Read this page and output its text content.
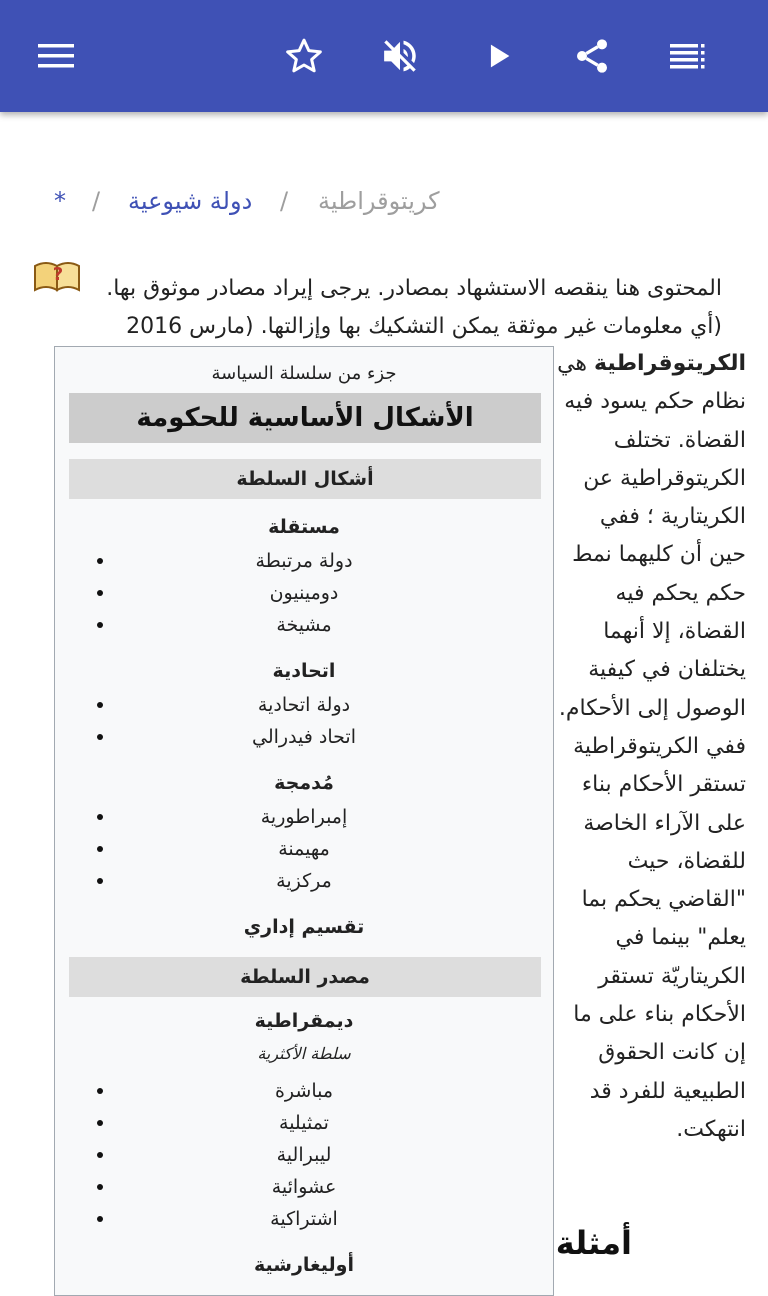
* / دولة شيوعية / كريتوقراطية
?
المحتوى هنا ينقصه الاستشهاد بمصادر. يرجى إيراد مصادر موثوق بها.
(أي معلومات غير موثقة يمكن التشكيك بها وإزالتها. (مارس 2016
الكريتوقراطية هي نظام حكم يسود فيه القضاة. تختلف الكريتوقراطية عن الكريتارية ؛ ففي حين أن كليهما نمط حكم يحكم فيه القضاة، إلا أنهما يختلفان في كيفية الوصول إلى الأحكام. ففي الكريتوقراطية تستقر الأحكام بناء على الآراء الخاصة للقضاة، حيث "القاضي يحكم بما يعلم" بينما في الكريتاريّة تستقر الأحكام بناء على ما إن كانت الحقوق الطبيعية للفرد قد انتهكت.
أمثلة
جزء من سلسلة السياسة
الأشكال الأساسية للحكومة
أشكال السلطة
مستقلة
دولة مرتبطة
دومينيون
مشيخة
اتحادية
دولة اتحادية
اتحاد فيدرالي
مُدمجة
إمبراطورية
مهيمنة
مركزية
تقسيم إداري
مصدر السلطة
ديمقراطية
سلطة الأكثرية
مباشرة
تمثيلية
ليبرالية
عشوائية
اشتراكية
أوليغارشية
